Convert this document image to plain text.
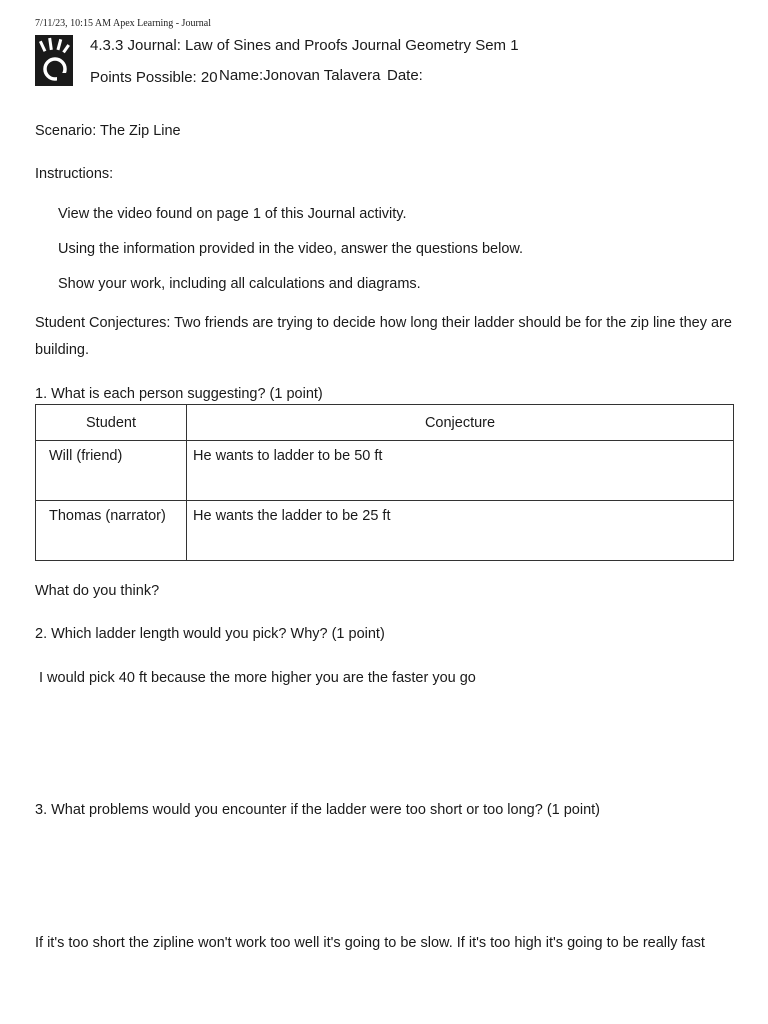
7/11/23, 10:15 AM Apex Learning - Journal
4.3.3 Journal: Law of Sines and Proofs Journal Geometry Sem 1
Points Possible: 20 Name:Jonovan Talavera Date:
Scenario: The Zip Line
Instructions:
View the video found on page 1 of this Journal activity.
Using the information provided in the video, answer the questions below.
Show your work, including all calculations and diagrams.
Student Conjectures: Two friends are trying to decide how long their ladder should be for the zip line they are building.
1. What is each person suggesting? (1 point)
Student	Conjecture
Will (friend)	He wants to ladder to be 50 ft
Thomas (narrator)	He wants the ladder to be 25 ft
What do you think?
2. Which ladder length would you pick? Why? (1 point)
I would pick 40 ft because the more higher you are the faster you go
3. What problems would you encounter if the ladder were too short or too long? (1 point)
If it's too short the zipline won't work too well it's going to be slow. If it's too high it's going to be really fast
